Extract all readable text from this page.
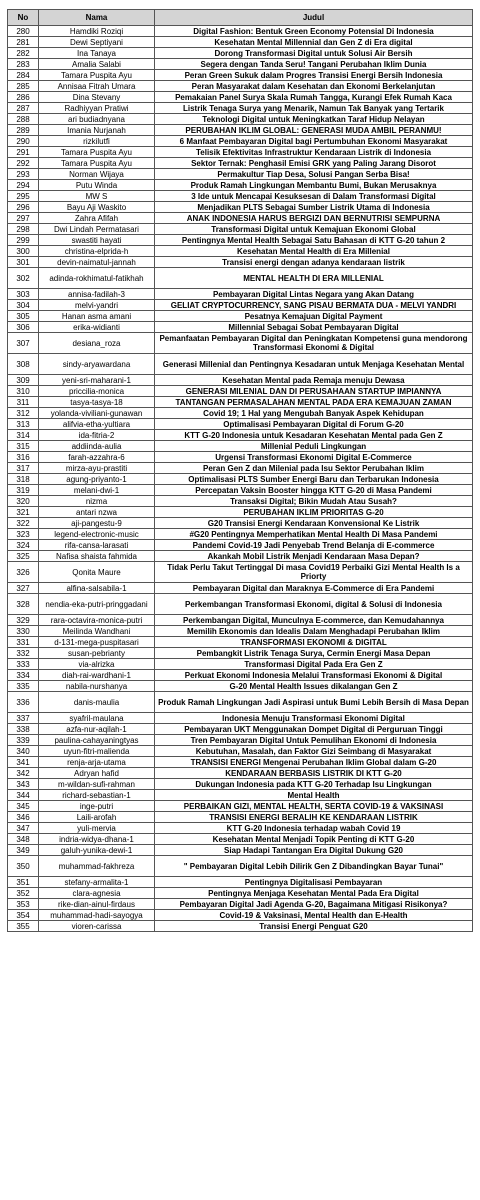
No	Nama	Judul
280	Hamdiki Roziqi	Digital Fashion: Bentuk Green Economy Potensial Di Indonesia
281	Dewi Septiyani	Kesehatan Mental Millennial dan Gen Z di Era digital
282	Ina Tanaya	Dorong Transformasi Digital untuk Solusi Air Bersih
283	Amalia Salabi	Segera dengan Tanda Seru! Tangani Perubahan Iklim Dunia
284	Tamara Puspita Ayu	Peran Green Sukuk dalam Progres Transisi Energi Bersih Indonesia
285	Annisaa Fitrah Umara	Peran Masyarakat dalam Kesehatan dan Ekonomi Berkelanjutan
286	Dina Stevany	Pemakaian Panel Surya Skala Rumah Tangga, Kurangi Efek Rumah Kaca
287	Radhiyyan Pratiwi	Listrik Tenaga Surya yang Menarik, Namun Tak Banyak yang Tertarik
288	ari budiadnyana	Teknologi Digital untuk Meningkatkan Taraf Hidup Nelayan
289	Imania Nurjanah	PERUBAHAN IKLIM GLOBAL: GENERASI MUDA AMBIL PERANMU!
290	rizkilutfi	6 Manfaat Pembayaran Digital bagi Pertumbuhan Ekonomi Masyarakat
291	Tamara Puspita Ayu	Telisik Efektivitas Infrastruktur Kendaraan Listrik di Indonesia
292	Tamara Puspita Ayu	Sektor Ternak: Penghasil Emisi GRK yang Paling Jarang Disorot
293	Norman Wijaya	Permakultur Tiap Desa, Solusi Pangan Serba Bisa!
294	Putu Winda	Produk Ramah Lingkungan Membantu Bumi, Bukan Merusaknya
295	MW S	3 Ide untuk Mencapai Kesuksesan di Dalam Transformasi Digital
296	Bayu Aji Waskito	Menjadikan PLTS Sebagai Sumber Listrik Utama di Indonesia
297	Zahra Afifah	ANAK INDONESIA HARUS BERGIZI DAN BERNUTRISI SEMPURNA
298	Dwi Lindah Permatasari	Transformasi Digital untuk Kemajuan Ekonomi Global
299	swastiti hayati	Pentingnya Mental Health Sebagai Satu Bahasan di KTT G-20 tahun 2
300	christina-elprida-h	Kesehatan Mental Health di Era Millenial
301	devin-naimatul-jannah	Transisi energi dengan adanya kendaraan listrik
302	adinda-rokhimatul-fatikhah	MENTAL HEALTH DI ERA MILLENIAL
303	annisa-fadilah-3	Pembayaran Digital Lintas Negara yang Akan Datang
304	melvi-yandri	GELIAT CRYPTOCURRENCY, SANG PISAU BERMATA DUA - MELVI YANDRI
305	Hanan asma amani	Pesatnya Kemajuan Digital Payment
306	erika-widianti	Millennial Sebagai Sobat Pembayaran Digital
307	desiana_roza	Pemanfaatan Pembayaran Digital dan Peningkatan Kompetensi guna mendorong Transformasi Ekonomi & Digital
308	sindy-aryawardana	Generasi Millenial dan Pentingnya Kesadaran untuk Menjaga Kesehatan Mental
309	yeni-sri-maharani-1	Kesehatan Mental pada Remaja menuju Dewasa
310	priccilia-monica	GENERASI MILENIAL DAN DI PERUSAHAAN STARTUP IMPIANNYA
311	tasya-tasya-18	TANTANGAN PERMASALAHAN MENTAL PADA ERA KEMAJUAN ZAMAN
312	yolanda-viviliani-gunawan	Covid 19; 1 Hal yang Mengubah Banyak Aspek Kehidupan
313	alifvia-etha-yultiara	Optimalisasi Pembayaran Digital di Forum G-20
314	ida-fitria-2	KTT G-20 Indonesia untuk Kesadaran Kesehatan Mental pada Gen Z
315	addiinda-aulia	Millenial Peduli Lingkungan
316	farah-azzahra-6	Urgensi Transformasi Ekonomi Digital E-Commerce
317	mirza-ayu-prastiti	Peran Gen Z dan Milenial pada Isu Sektor Perubahan Iklim
318	agung-priyanto-1	Optimalisasi PLTS Sumber Energi Baru dan Terbarukan Indonesia
319	melani-dwi-1	Percepatan Vaksin Booster hingga KTT G-20 di Masa Pandemi
320	nizma	Transaksi Digital; Bikin Mudah Atau Susah?
321	antari nzwa	PERUBAHAN IKLIM PRIORITAS G-20
322	aji-pangestu-9	G20 Transisi Energi Kendaraan Konvensional Ke Listrik
323	legend-electronic-music	#G20 Pentingnya Memperhatikan Mental Health Di Masa Pandemi
324	rifa-cansa-larasati	Pandemi Covid-19 Jadi Penyebab Trend Belanja di E-commerce
325	Nafisa shaista fahmida	Akankah Mobil Listrik Menjadi Kendaraan Masa Depan?
326	Qonita Maure	Tidak Perlu Takut Tertinggal Di masa Covid19 Perbaiki Gizi Mental Health Is a Priorty
327	alfina-salsabila-1	Pembayaran Digital dan Maraknya E-Commerce di Era Pandemi
328	nendia-eka-putri-pringgadani	Perkembangan Transformasi Ekonomi, digital & Solusi di Indonesia
329	rara-octavira-monica-putri	Perkembangan Digital, Munculnya E-commerce, dan Kemudahannya
330	Meilinda Wandhani	Memilih Ekonomis dan Idealis Dalam Menghadapi Perubahan Iklim
331	d-131-mega-puspitasari	TRANSFORMASI EKONOMI & DIGITAL
332	susan-pebrianty	Pembangkit Listrik Tenaga Surya, Cermin Energi Masa Depan
333	via-alrizka	Transformasi Digital Pada Era Gen Z
334	diah-rai-wardhani-1	Perkuat Ekonomi Indonesia Melalui Transformasi Ekonomi & Digital
335	nabila-nurshanya	G-20 Mental Health Issues dikalangan Gen Z
336	danis-maulia	Produk Ramah Lingkungan Jadi Aspirasi untuk Bumi Lebih Bersih di Masa Depan
337	syafril-maulana	Indonesia Menuju Transformasi Ekonomi Digital
338	azfa-nur-aqilah-1	Pembayaran UKT Menggunakan Dompet Digital di Perguruan Tinggi
339	paulina-cahayaningtyas	Tren Pembayaran Digital Untuk Pemulihan Ekonomi di Indonesia
340	uyun-fitri-malienda	Kebutuhan, Masalah, dan Faktor Gizi Seimbang di Masyarakat
341	renja-arja-utama	TRANSISI ENERGI Mengenai Perubahan Iklim Global dalam G-20
342	Adryan hafid	KENDARAAN BERBASIS LISTRIK DI KTT G-20
343	m-wildan-sufi-rahman	Dukungan Indonesia pada KTT G-20 Terhadap Isu Lingkungan
344	richard-sebastian-1	Mental Health
345	inge-putri	PERBAIKAN GIZI, MENTAL HEALTH, SERTA COVID-19 & VAKSINASI
346	Laili-arofah	TRANSISI ENERGI BERALIH KE KENDARAAN LISTRIK
347	yuli-mervia	KTT G-20 Indonesia terhadap wabah Covid 19
348	indria-widya-dhana-1	Kesehatan Mental Menjadi Topik Penting di KTT G-20
349	galuh-yunika-dewi-1	Siap Hadapi Tantangan Era Digital Dukung G20
350	muhammad-fakhreza	" Pembayaran Digital Lebih Dilirik Gen Z Dibandingkan Bayar Tunai"
351	stefany-armalita-1	Pentingnya Digitalisasi Pembayaran
352	clara-agnesia	Pentingnya Menjaga Kesehatan Mental Pada Era Digital
353	rike-dian-ainul-firdaus	Pembayaran Digital Jadi Agenda G-20, Bagaimana Mitigasi Risikonya?
354	muhammad-hadi-sayogya	Covid-19 & Vaksinasi, Mental Health dan E-Health
355	vioren-carissa	Transisi Energi Penguat G20
